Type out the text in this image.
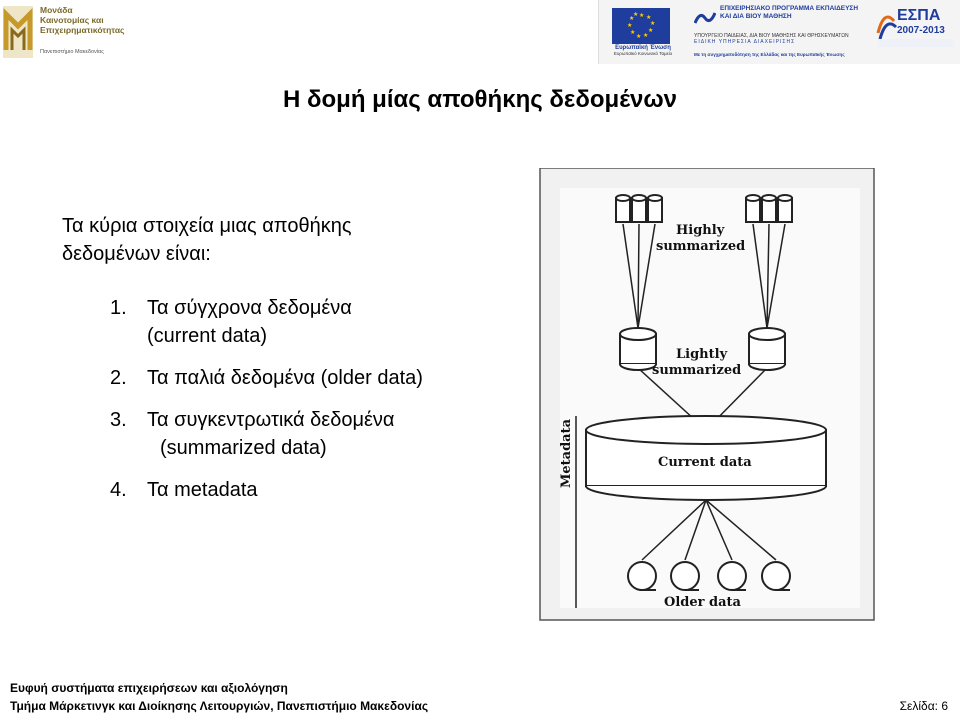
Μονάδα Καινοτομίας και Επιχειρηματικότητας
Πανεπιστήμιο Μακεδονίας
★ ★
★
★
★
★
★
★
★
★
Ευρωπαϊκή Ένωση
Ευρωπαϊκό Κοινωνικό Ταμείο
ΕΠΙΧΕΙΡΗΣΙΑΚΟ ΠΡΟΓΡΑΜΜΑ ΕΚΠΑΙΔΕΥΣΗ ΚΑΙ ΔΙΑ ΒΙΟΥ ΜΑΘΗΣΗ
ΥΠΟΥΡΓΕΙΟ ΠΑΙΔΕΙΑΣ, ΔΙΑ ΒΙΟΥ ΜΑΘΗΣΗΣ ΚΑΙ ΘΡΗΣΚΕΥΜΑΤΩΝ
ΕΙΔΙΚΗ ΥΠΗΡΕΣΙΑ ΔΙΑΧΕΙΡΙΣΗΣ
Με τη συγχρηματοδότηση της Ελλάδας και της Ευρωπαϊκής Ένωσης
ΕΣΠΑ
2007-2013
Η δομή μίας αποθήκης δεδομένων
Τα κύρια στοιχεία μιας αποθήκης
δεδομένων είναι:
1. Τα σύγχρονα δεδομένα
(current data)
2. Τα παλιά δεδομένα (older data)
3. Τα συγκεντρωτικά δεδομένα
(summarized data)
4. Τα metadata
Highly
summarized
Lightly
summarized
Current data
Older data
Metadata
Ευφυή συστήματα επιχειρήσεων και αξιολόγηση
Τμήμα Μάρκετινγκ και Διοίκησης Λειτουργιών, Πανεπιστήμιο Μακεδονίας	Σελίδα: 6
